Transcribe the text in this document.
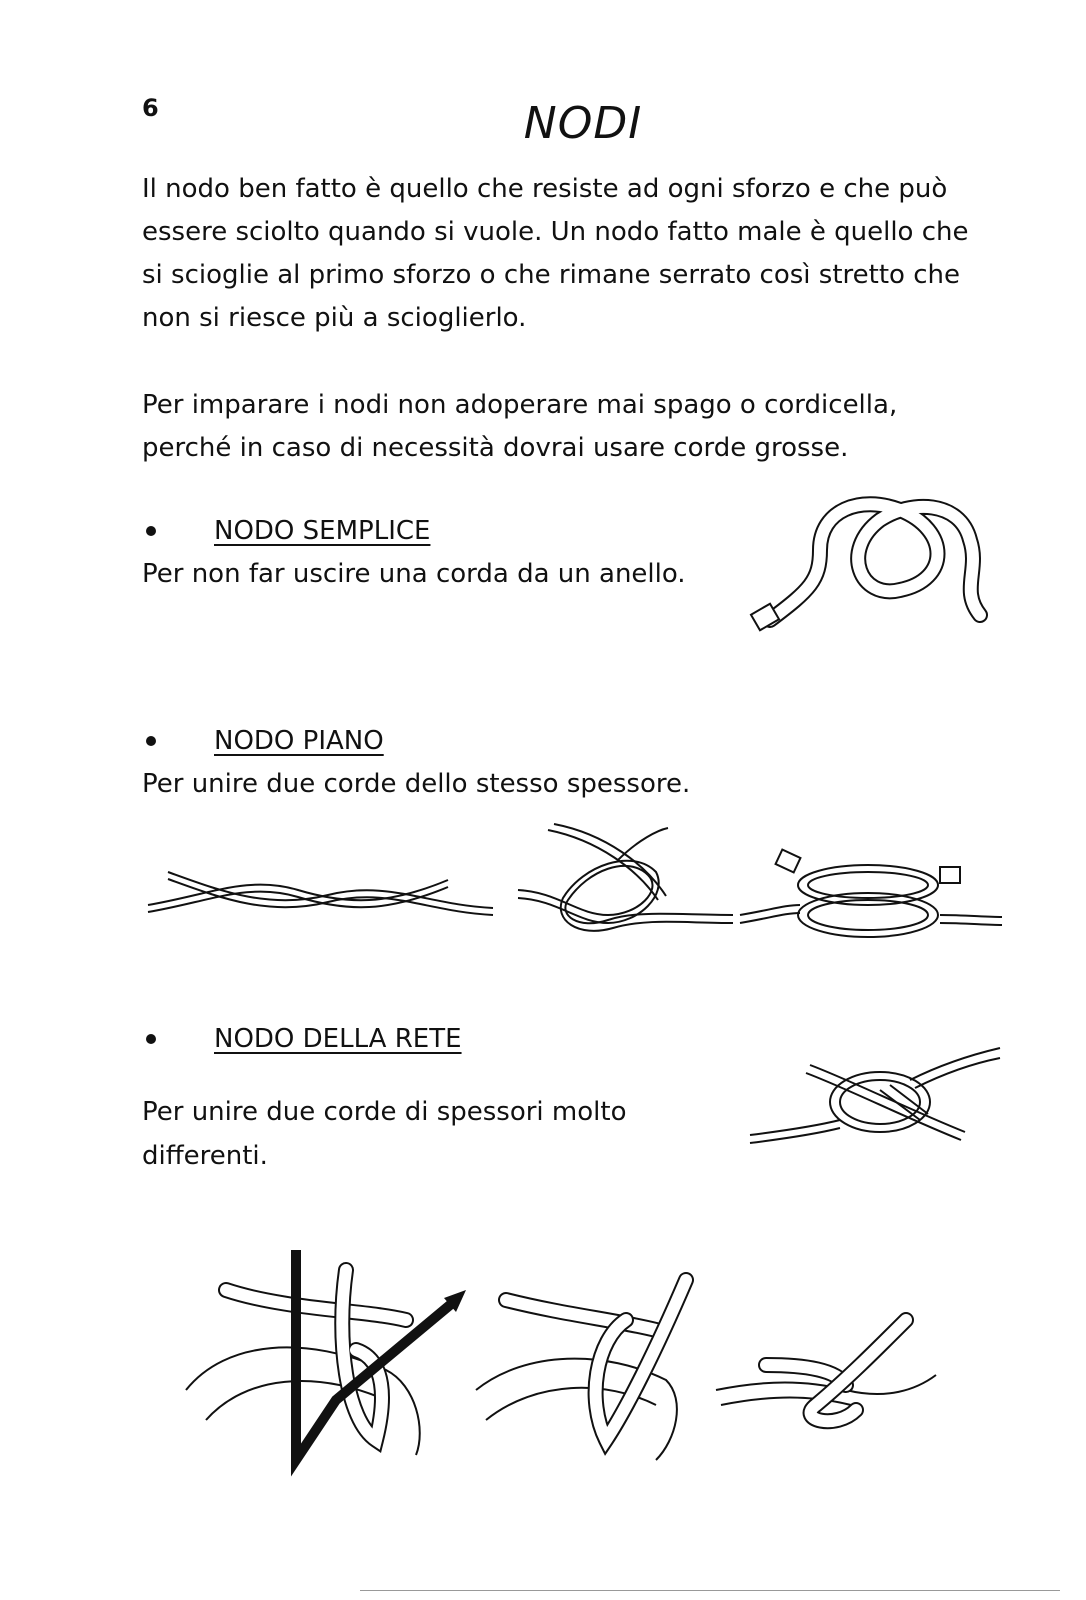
6	NODI

Il nodo ben fatto è quello che resiste ad ogni sforzo e che può essere sciolto quando si vuole. Un nodo fatto male è quello che si scioglie al primo sforzo o che rimane serrato così stretto che non si riesce più a scioglierlo.

Per imparare i nodi non adoperare mai spago o cordicella, perché in caso di necessità dovrai usare corde grosse.

NODO SEMPLICE

Per non far uscire una corda da un anello.

NODO PIANO

Per unire due corde dello stesso spessore.

NODO DELLA RETE

Per unire due corde di spessori molto differenti.
